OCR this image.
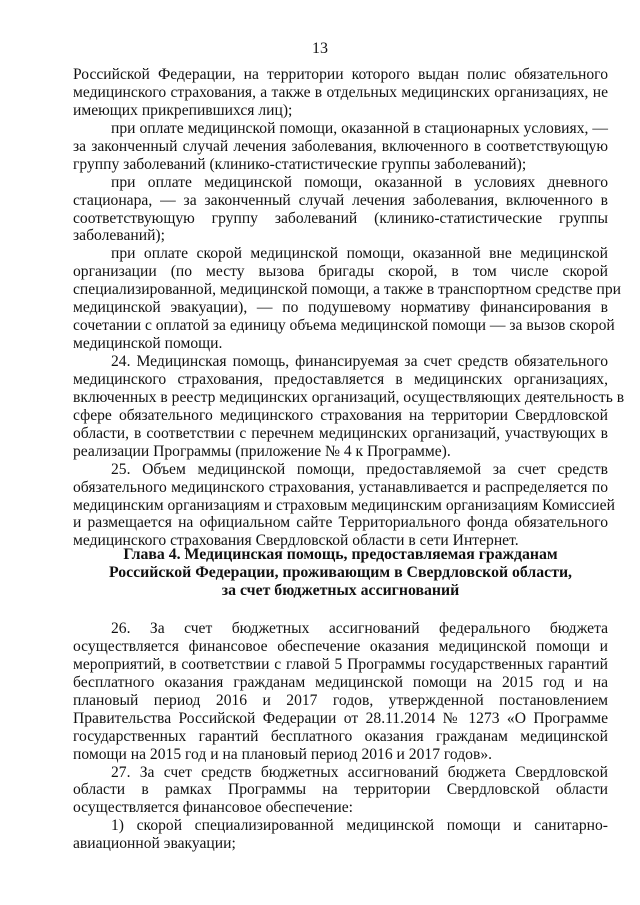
13
Российской Федерации, на территории которого выдан полис обязательного
медицинского страхования, а также в отдельных медицинских организациях, не
имеющих прикрепившихся лиц);
при оплате медицинской помощи, оказанной в стационарных условиях, —
за законченный случай лечения заболевания, включенного в соответствующую
группу заболеваний (клинико-статистические группы заболеваний);
при оплате медицинской помощи, оказанной в условиях дневного
стационара, — за законченный случай лечения заболевания, включенного в
соответствующую группу заболеваний (клинико-статистические группы
заболеваний);
при оплате скорой медицинской помощи, оказанной вне медицинской
организации (по месту вызова бригады скорой, в том числе скорой
специализированной, медицинской помощи, а также в транспортном средстве при
медицинской эвакуации), — по подушевому нормативу финансирования в
сочетании с оплатой за единицу объема медицинской помощи — за вызов скорой
медицинской помощи.
24. Медицинская помощь, финансируемая за счет средств обязательного
медицинского страхования, предоставляется в медицинских организациях,
включенных в реестр медицинских организаций, осуществляющих деятельность в
сфере обязательного медицинского страхования на территории Свердловской
области, в соответствии с перечнем медицинских организаций, участвующих в
реализации Программы (приложение № 4 к Программе).
25. Объем медицинской помощи, предоставляемой за счет средств
обязательного медицинского страхования, устанавливается и распределяется по
медицинским организациям и страховым медицинским организациям Комиссией
и размещается на официальном сайте Территориального фонда обязательного
медицинского страхования Свердловской области в сети Интернет.
Глава 4. Медицинская помощь, предоставляемая гражданам
Российской Федерации, проживающим в Свердловской области,
за счет бюджетных ассигнований
26. За счет бюджетных ассигнований федерального бюджета
осуществляется финансовое обеспечение оказания медицинской помощи и
мероприятий, в соответствии с главой 5 Программы государственных гарантий
бесплатного оказания гражданам медицинской помощи на 2015 год и на
плановый период 2016 и 2017 годов, утвержденной постановлением
Правительства Российской Федерации от 28.11.2014 № 1273 «О Программе
государственных гарантий бесплатного оказания гражданам медицинской
помощи на 2015 год и на плановый период 2016 и 2017 годов».
27. За счет средств бюджетных ассигнований бюджета Свердловской
области в рамках Программы на территории Свердловской области
осуществляется финансовое обеспечение:
1) скорой специализированной медицинской помощи и санитарно-
авиационной эвакуации;
